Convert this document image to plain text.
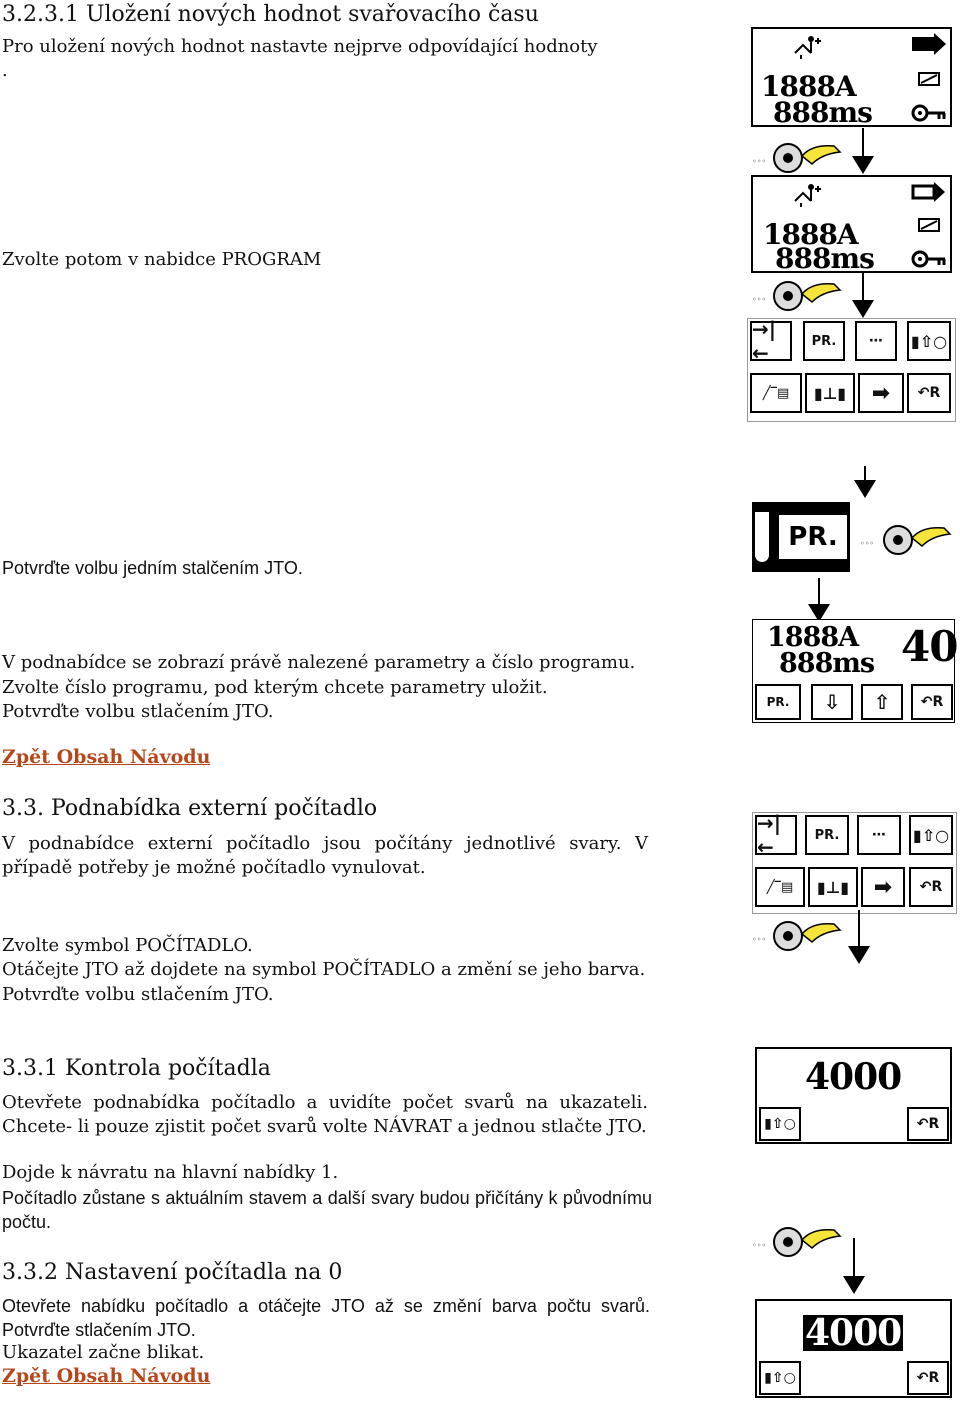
3.2.3.1 Uložení nových hodnot svařovacího času
Pro uložení nových hodnot nastavte nejprve odpovídající hodnoty
.
Zvolte potom v nabidce PROGRAM
Potvrďte volbu jedním stalčením JTO.
V podnabídce se zobrazí právě nalezené parametry a číslo programu.
Zvolte číslo programu, pod kterým chcete parametry uložit.
Potvrďte volbu stlačením JTO.
Zpět Obsah Návodu
3.3. Podnabídka externí počítadlo
V podnabídce externí počítadlo jsou počítány jednotlivé svary. V případě potřeby je možné počítadlo vynulovat.
Zvolte symbol POČÍTADLO.
Otáčejte JTO až dojdete na symbol POČÍTADLO a změní se jeho barva.
Potvrďte volbu stlačením JTO.
3.3.1 Kontrola počítadla
Otevřete podnabídka počítadlo a uvidíte počet svarů na ukazateli. Chcete- li pouze zjistit počet svarů volte NÁVRAT a jednou stlačte JTO.
Dojde k návratu na hlavní nabídky 1.
Počítadlo zůstane s aktuálním stavem a další svary budou přičítány k původnímu počtu.
3.3.2 Nastavení počítadla na 0
Otevřete nabídku počítadlo a otáčejte JTO až se změní barva počtu svarů. Potvrďte stlačením JTO.
Ukazatel začne blikat.
Zpět Obsah Návodu
1888A
888ms
◦◦◦
1888A
888ms
◦◦◦
→|←	PR.	⋯	▮⇧○
╱‾▤	▮⊥▮	➡	↶ R
PR.	◦◦◦
1888A
888ms 40
PR.	⇩	⇧	↶ R
→|←	PR.	⋯	▮⇧○
╱‾▤	▮⊥▮	➡	↶ R
◦◦◦
4000
▮⇧○	↶ R
◦◦◦
4000
▮⇧○	↶ R
